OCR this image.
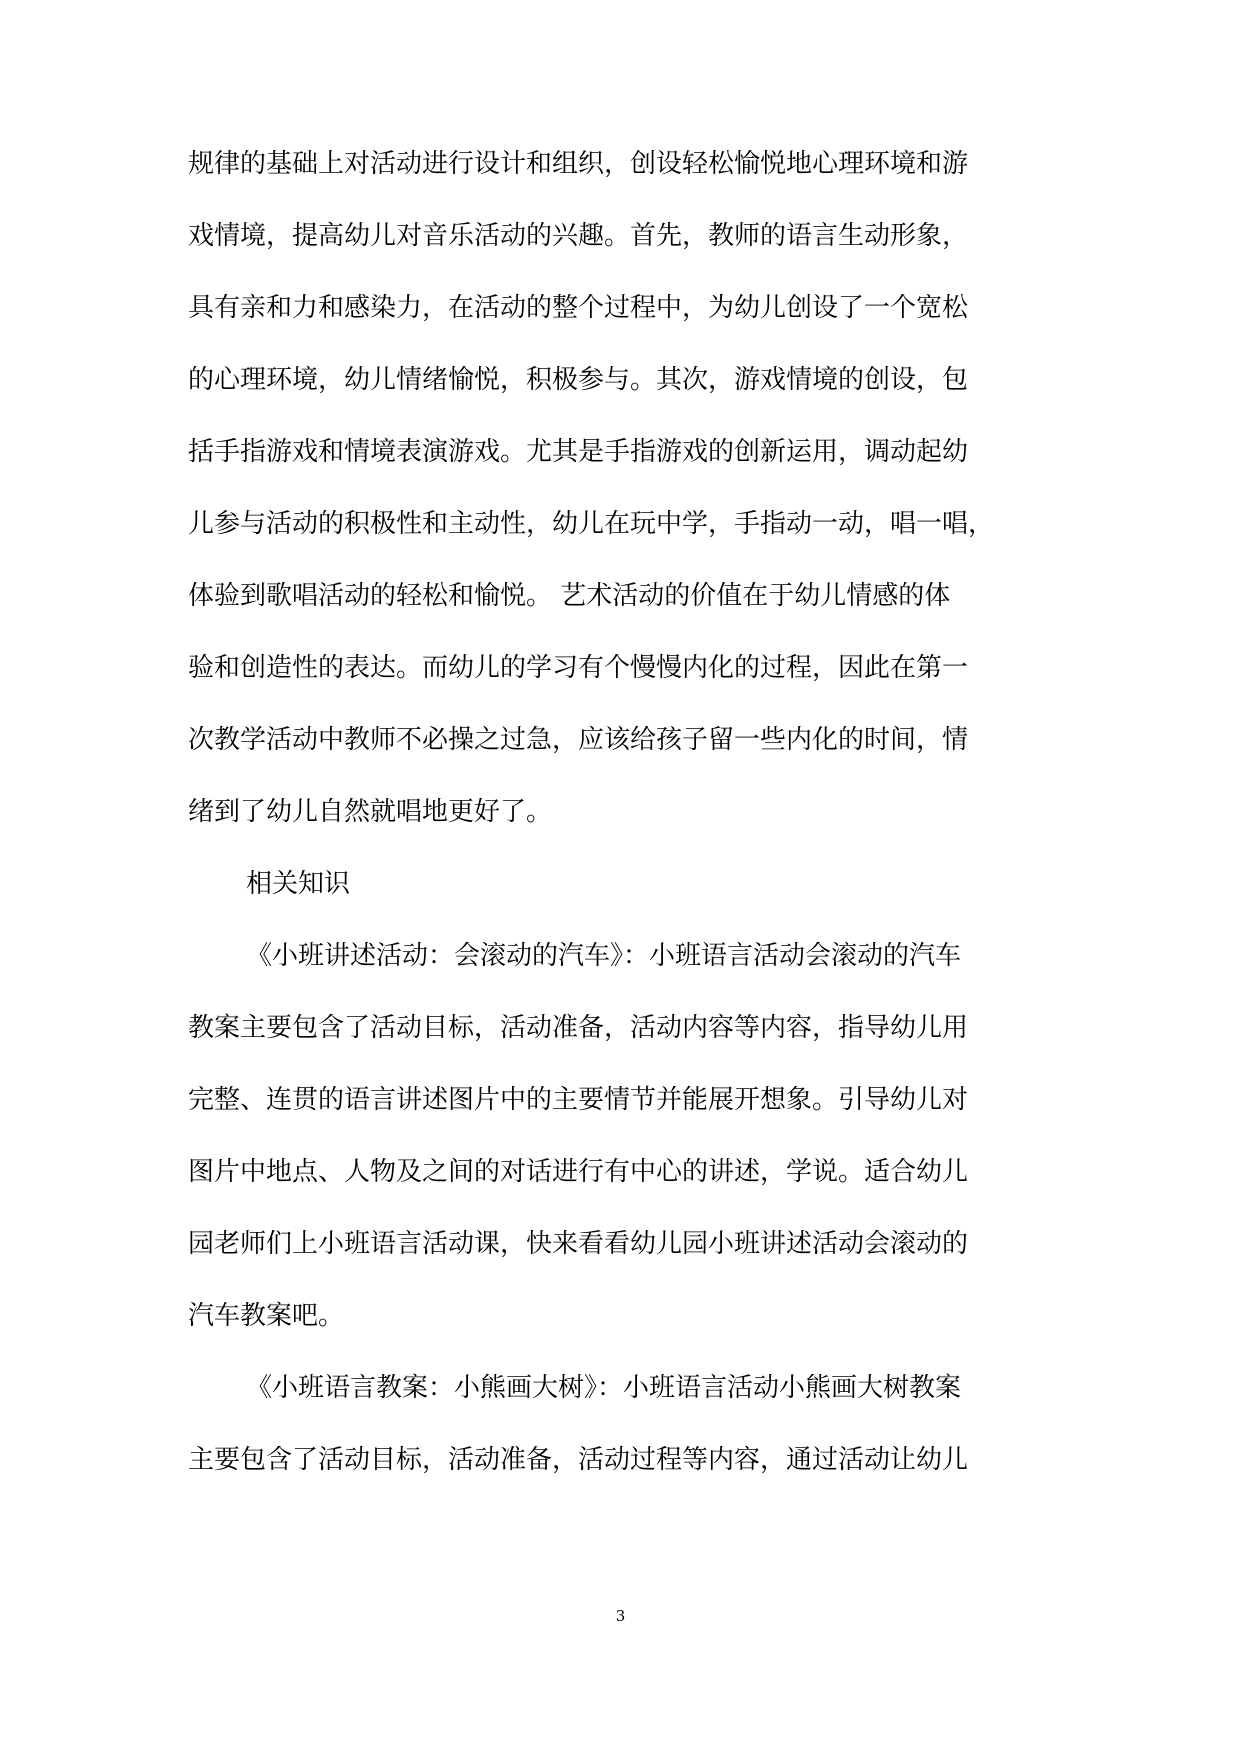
规律的基础上对活动进行设计和组织，创设轻松愉悦地心理环境和游
戏情境，提高幼儿对音乐活动的兴趣。首先，教师的语言生动形象，
具有亲和力和感染力，在活动的整个过程中，为幼儿创设了一个宽松
的心理环境，幼儿情绪愉悦，积极参与。其次，游戏情境的创设，包
括手指游戏和情境表演游戏。尤其是手指游戏的创新运用，调动起幼
儿参与活动的积极性和主动性，幼儿在玩中学，手指动一动，唱一唱，
体验到歌唱活动的轻松和愉悦。 艺术活动的价值在于幼儿情感的体
验和创造性的表达。而幼儿的学习有个慢慢内化的过程，因此在第一
次教学活动中教师不必操之过急，应该给孩子留一些内化的时间，情
绪到了幼儿自然就唱地更好了。
相关知识
《小班讲述活动：会滚动的汽车》：小班语言活动会滚动的汽车
教案主要包含了活动目标，活动准备，活动内容等内容，指导幼儿用
完整、连贯的语言讲述图片中的主要情节并能展开想象。引导幼儿对
图片中地点、人物及之间的对话进行有中心的讲述，学说。适合幼儿
园老师们上小班语言活动课，快来看看幼儿园小班讲述活动会滚动的
汽车教案吧。
《小班语言教案：小熊画大树》：小班语言活动小熊画大树教案
主要包含了活动目标，活动准备，活动过程等内容，通过活动让幼儿
3
